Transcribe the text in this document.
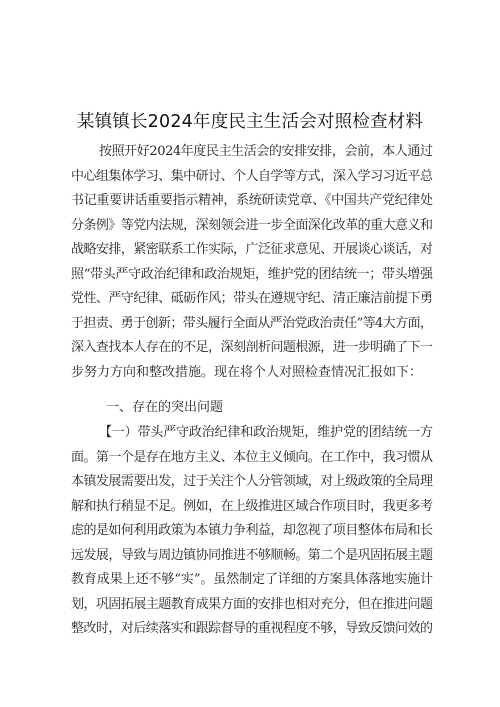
某镇镇长2024年度民主生活会对照检查材料
按照开好2024年度民主生活会的安排安排，会前，本人通过
中心组集体学习、集中研讨、个人自学等方式，深入学习习近平总
书记重要讲话重要指示精神，系统研读党章、《中国共产党纪律处
分条例》等党内法规，深刻领会进一步全面深化改革的重大意义和
战略安排，紧密联系工作实际，广泛征求意见、开展谈心谈话，对
照“带头严守政治纪律和政治规矩，维护党的团结统一；带头增强
党性、严守纪律、砥砺作风；带头在遵规守纪、清正廉洁前提下勇
于担责、勇于创新；带头履行全面从严治党政治责任”等4大方面，
深入查找本人存在的不足，深刻剖析问题根源，进一步明确了下一
步努力方向和整改措施。现在将个人对照检查情况汇报如下：
一、存在的突出问题
【一）带头严守政治纪律和政治规矩，维护党的团结统一方
面。第一个是存在地方主义、本位主义倾向。在工作中，我习惯从
本镇发展需要出发，过于关注个人分管领域，对上级政策的全局理
解和执行稍显不足。例如，在上级推进区域合作项目时，我更多考
虑的是如何利用政策为本镇力争利益，却忽视了项目整体布局和长
远发展，导致与周边镇协同推进不够顺畅。第二个是巩固拓展主题
教育成果上还不够“实”。虽然制定了详细的方案具体落地实施计
划，巩固拓展主题教育成果方面的安排也相对充分，但在推进问题
整改时，对后续落实和跟踪督导的重视程度不够，导致反馈问效的
